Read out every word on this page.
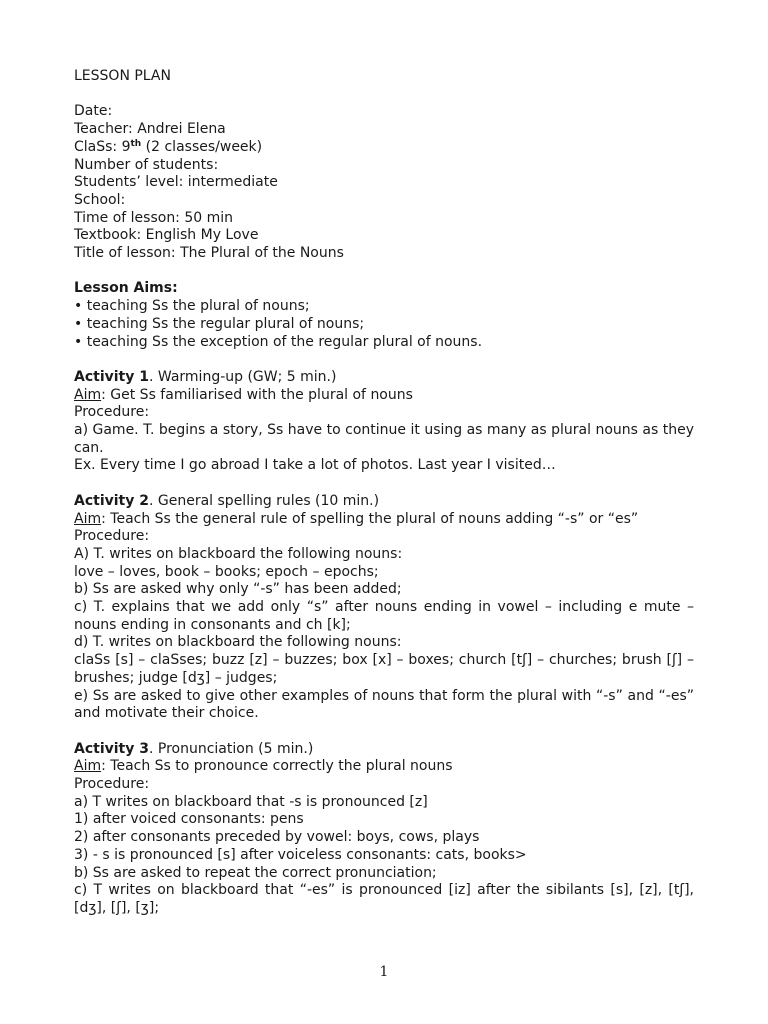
LESSON PLAN
Date:
Teacher: Andrei Elena
ClaSs: 9th (2 classes/week)
Number of students:
Students’ level: intermediate
School:
Time of lesson: 50 min
Textbook: English My Love
Title of lesson: The Plural of the Nouns
Lesson Aims:
• teaching Ss the plural of nouns;
• teaching Ss the regular plural of nouns;
• teaching Ss the exception of the regular plural of nouns.
Activity 1. Warming-up (GW; 5 min.)
Aim: Get Ss familiarised with the plural of nouns
Procedure:
a) Game. T. begins a story, Ss have to continue it using as many as plural nouns as they can.
Ex. Every time I go abroad I take a lot of photos. Last year I visited…
Activity 2. General spelling rules (10 min.)
Aim: Teach Ss the general rule of spelling the plural of nouns adding “-s” or “es”
Procedure:
A) T. writes on blackboard the following nouns:
love – loves, book – books; epoch – epochs;
b) Ss are asked why only “-s” has been added;
c) T. explains that we add only “s” after nouns ending in vowel – including e mute – nouns ending in consonants and ch [k];
d) T. writes on blackboard the following nouns:
claSs [s] – claSses; buzz [z] – buzzes; box [x] – boxes; church [tʃ] – churches; brush [ʃ] – brushes; judge [dʒ] – judges;
e) Ss are asked to give other examples of nouns that form the plural with “-s” and “-es” and motivate their choice.
Activity 3. Pronunciation (5 min.)
Aim: Teach Ss to pronounce correctly the plural nouns
Procedure:
a) T writes on blackboard that -s is pronounced [z]
1) after voiced consonants: pens
2) after consonants preceded by vowel: boys, cows, plays
3) - s is pronounced [s] after voiceless consonants: cats, books>
b) Ss are asked to repeat the correct pronunciation;
c) T writes on blackboard that “-es” is pronounced [iz] after the sibilants [s], [z], [tʃ], [dʒ], [ʃ], [ʒ];
1
